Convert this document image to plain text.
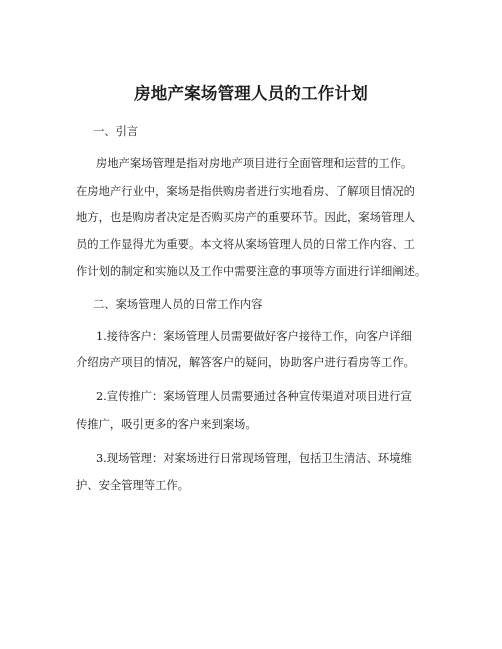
房地产案场管理人员的工作计划
一、引言
房地产案场管理是指对房地产项目进行全面管理和运营的工作。
在房地产行业中，案场是指供购房者进行实地看房、了解项目情况的
地方，也是购房者决定是否购买房产的重要环节。因此，案场管理人
员的工作显得尤为重要。本文将从案场管理人员的日常工作内容、工
作计划的制定和实施以及工作中需要注意的事项等方面进行详细阐述。
二、案场管理人员的日常工作内容
1.接待客户：案场管理人员需要做好客户接待工作，向客户详细
介绍房产项目的情况，解答客户的疑问，协助客户进行看房等工作。
2.宣传推广：案场管理人员需要通过各种宣传渠道对项目进行宣
传推广，吸引更多的客户来到案场。
3.现场管理：对案场进行日常现场管理，包括卫生清洁、环境维
护、安全管理等工作。
